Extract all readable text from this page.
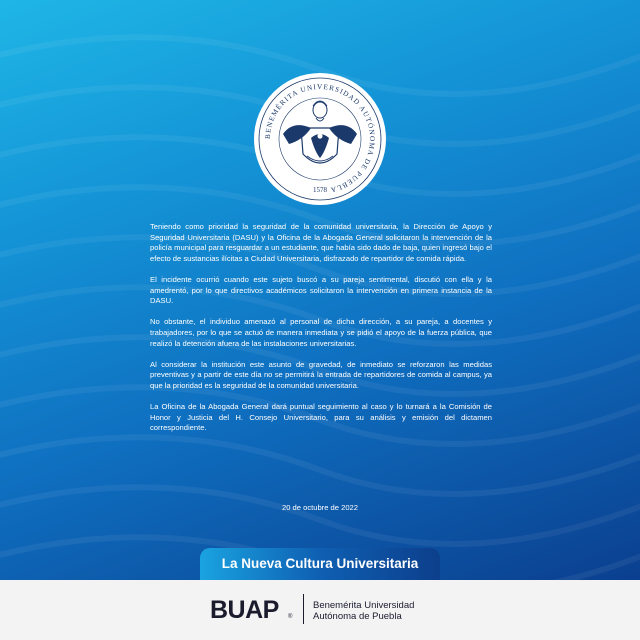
BENEMÉRITA UNIVERSIDAD AUTÓNOMA DE PUEBLA
1578

Teniendo como prioridad la seguridad de la comunidad universitaria, la Dirección de Apoyo y Seguridad Universitaria (DASU) y la Oficina de la Abogada General solicitaron la intervención de la policía municipal para resguardar a un estudiante, que había sido dado de baja, quien ingresó bajo el efecto de sustancias ilícitas a Ciudad Universitaria, disfrazado de repartidor de comida rápida.

El incidente ocurrió cuando este sujeto buscó a su pareja sentimental, discutió con ella y la amedrentó, por lo que directivos académicos solicitaron la intervención en primera instancia de la DASU.

No obstante, el individuo amenazó al personal de dicha dirección, a su pareja, a docentes y trabajadores, por lo que se actuó de manera inmediata y se pidió el apoyo de la fuerza pública, que realizó la detención afuera de las instalaciones universitarias.

Al considerar la institución este asunto de gravedad, de inmediato se reforzaron las medidas preventivas y a partir de este día no se permitirá la entrada de repartidores de comida al campus, ya que la prioridad es la seguridad de la comunidad universitaria.

La Oficina de la Abogada General dará puntual seguimiento al caso y lo turnará a la Comisión de Honor y Justicia del H. Consejo Universitario, para su análisis y emisión del dictamen correspondiente.

20 de octubre de 2022
La Nueva Cultura Universitaria
BUAP ®
Benemérita Universidad
Autónoma de Puebla
